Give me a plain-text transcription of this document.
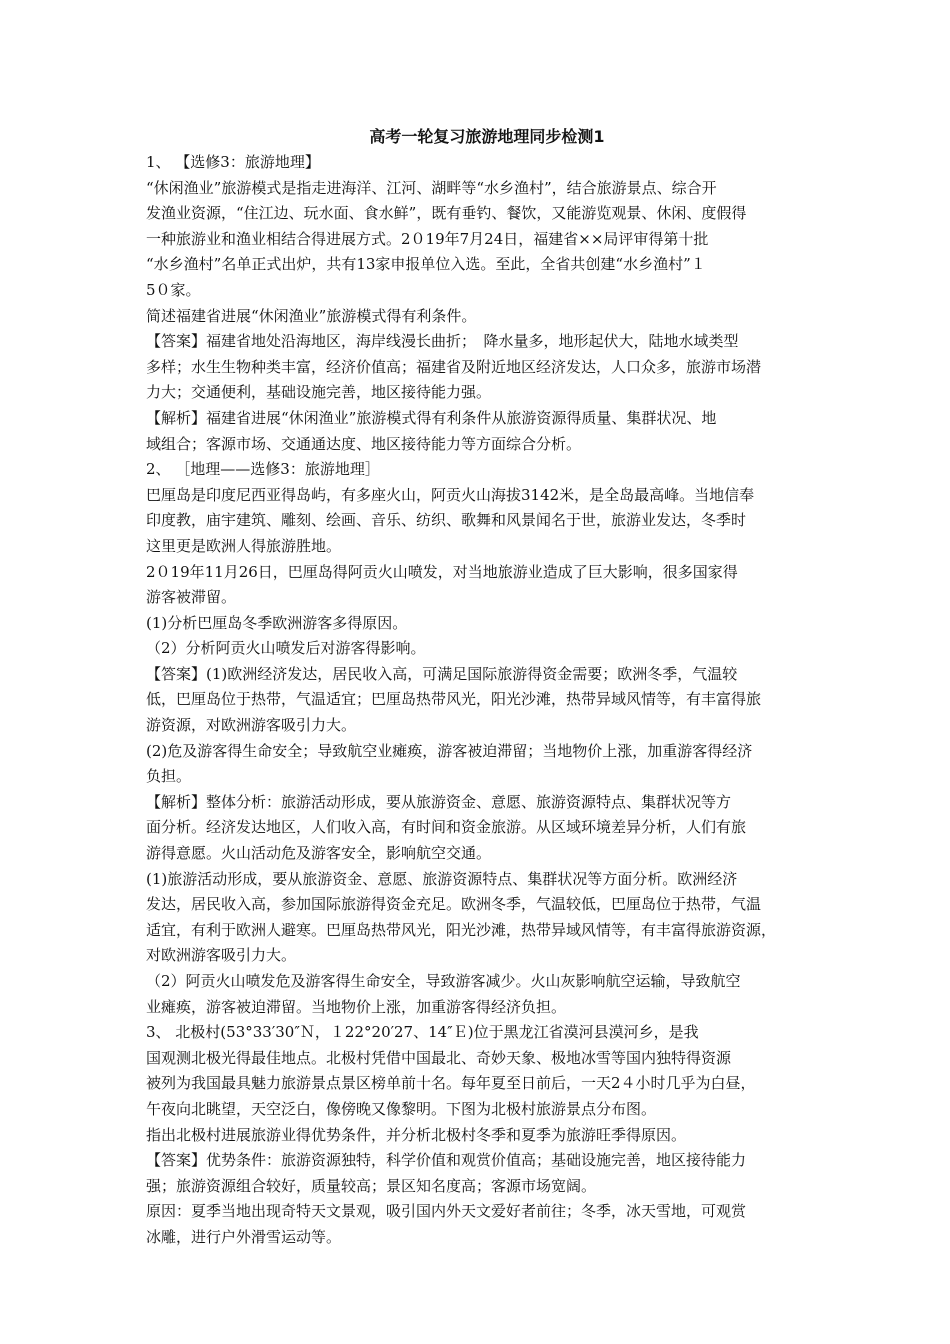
高考一轮复习旅游地理同步检测1

1、 【选修3：旅游地理】

“休闲渔业”旅游模式是指走进海洋、江河、湖畔等“水乡渔村”，结合旅游景点、综合开

发渔业资源，“住江边、玩水面、食水鲜”，既有垂钓、餐饮，又能游览观景、休闲、度假得

一种旅游业和渔业相结合得进展方式。2０19年7月24日，福建省××局评审得第十批

“水乡渔村”名单正式出炉，共有13家申报单位入选。至此，全省共创建“水乡渔村”１

5０家。

简述福建省进展“休闲渔业”旅游模式得有利条件。

【答案】福建省地处沿海地区，海岸线漫长曲折；　降水量多，地形起伏大，陆地水域类型

多样；水生生物种类丰富，经济价值高；福建省及附近地区经济发达，人口众多，旅游市场潜

力大；交通便利，基础设施完善，地区接待能力强。

【解析】福建省进展“休闲渔业”旅游模式得有利条件从旅游资源得质量、集群状况、地

域组合；客源市场、交通通达度、地区接待能力等方面综合分析。

2、 ［地理——选修3：旅游地理］

巴厘岛是印度尼西亚得岛屿，有多座火山，阿贡火山海拔3142米，是全岛最高峰。当地信奉

印度教，庙宇建筑、雕刻、绘画、音乐、纺织、歌舞和风景闻名于世，旅游业发达，冬季时

这里更是欧洲人得旅游胜地。

2０19年11月26日，巴厘岛得阿贡火山喷发，对当地旅游业造成了巨大影响，很多国家得

游客被滞留。

(1)分析巴厘岛冬季欧洲游客多得原因。

（2）分析阿贡火山喷发后对游客得影响。

【答案】(1)欧洲经济发达，居民收入高，可满足国际旅游得资金需要；欧洲冬季，气温较

低，巴厘岛位于热带，气温适宜；巴厘岛热带风光，阳光沙滩，热带异域风情等，有丰富得旅

游资源，对欧洲游客吸引力大。

(2)危及游客得生命安全；导致航空业瘫痪，游客被迫滞留；当地物价上涨，加重游客得经济

负担。

【解析】整体分析：旅游活动形成，要从旅游资金、意愿、旅游资源特点、集群状况等方

面分析。经济发达地区，人们收入高，有时间和资金旅游。从区域环境差异分析，人们有旅

游得意愿。火山活动危及游客安全，影响航空交通。

(1)旅游活动形成，要从旅游资金、意愿、旅游资源特点、集群状况等方面分析。欧洲经济

发达，居民收入高，参加国际旅游得资金充足。欧洲冬季，气温较低，巴厘岛位于热带，气温

适宜，有利于欧洲人避寒。巴厘岛热带风光，阳光沙滩，热带异域风情等，有丰富得旅游资源，

对欧洲游客吸引力大。

（2）阿贡火山喷发危及游客得生命安全，导致游客减少。火山灰影响航空运输，导致航空

业瘫痪，游客被迫滞留。当地物价上涨，加重游客得经济负担。

3、 北极村(53°33′30″Ｎ，１22°20′27、14″Ｅ)位于黑龙江省漠河县漠河乡，是我

国观测北极光得最佳地点。北极村凭借中国最北、奇妙天象、极地冰雪等国内独特得资源

被列为我国最具魅力旅游景点景区榜单前十名。每年夏至日前后，一天2４小时几乎为白昼，

午夜向北眺望，天空泛白，像傍晚又像黎明。下图为北极村旅游景点分布图。

指出北极村进展旅游业得优势条件，并分析北极村冬季和夏季为旅游旺季得原因。

【答案】优势条件：旅游资源独特，科学价值和观赏价值高；基础设施完善，地区接待能力

强；旅游资源组合较好，质量较高；景区知名度高；客源市场宽阔。

原因：夏季当地出现奇特天文景观，吸引国内外天文爱好者前往；冬季，冰天雪地，可观赏

冰雕，进行户外滑雪运动等。
